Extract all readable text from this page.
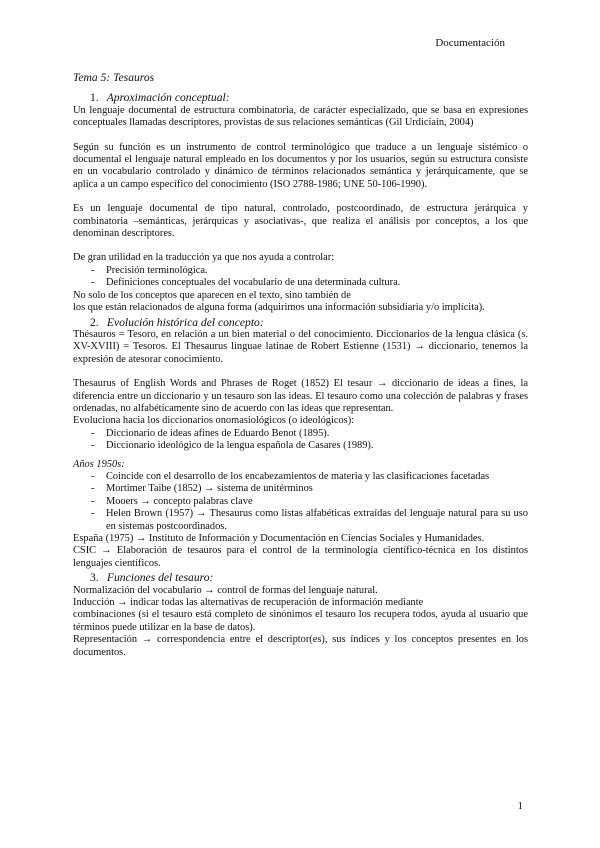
Documentación
Tema 5: Tesauros
1. Aproximación conceptual:

Un lenguaje documental de estructura combinatoria, de carácter especializado, que se basa en expresiones conceptuales llamadas descriptores, provistas de sus relaciones semánticas (Gil Urdiciain, 2004)

Según su función es un instrumento de control terminológico que traduce a un lenguaje sistémico o documental el lenguaje natural empleado en los documentos y por los usuarios, según su estructura consiste en un vocabulario controlado y dinámico de términos relacionados semántica y jerárquicamente, que se aplica a un campo específico del conocimiento (ISO 2788-1986; UNE 50-106-1990).

Es un lenguaje documental de tipo natural, controlado, postcoordinado, de estructura jerárquica y combinatoria –semánticas, jerárquicas y asociativas-, que realiza el análisis por conceptos, a los que denominan descriptores.

De gran utilidad en la traducción ya que nos ayuda a controlar:

- Precisión terminológica.
- Definiciones conceptuales del vocabulario de una determinada cultura.

No solo de los conceptos que aparecen en el texto, sino también de

los que están relacionados de alguna forma (adquirimos una información subsidiaria y/o implícita).

2. Evolución histórica del concepto:

Thésauros = Tesoro, en relación a un bien material o del conocimiento. Diccionarios de la lengua clásica (s. XV-XVIII) = Tesoros. El Thesaurus linguae latinae de Robert Estienne (1531) → diccionario, tenemos la expresión de atesorar conocimiento.

Thesaurus of English Words and Phrases de Roget (1852) El tesaur → diccionario de ideas a fines, la diferencia entre un diccionario y un tesauro son las ideas. El tesauro como una colección de palabras y frases ordenadas, no alfabéticamente sino de acuerdo con las ideas que representan.

Evoluciona hacia los diccionarios onomasiológicos (o ideológicos):

- Diccionario de ideas afines de Eduardo Benot (1895).
- Diccionario ideológico de la lengua española de Casares (1989).

Años 1950s:

- Coincide con el desarrollo de los encabezamientos de materia y las clasificaciones facetadas
- Mortimer Taibe (1852) → sistema de unitérminos
- Mooers → concepto palabras clave
- Helen Brown (1957) → Thesaurus como listas alfabéticas extraídas del lenguaje natural para su uso en sistemas postcoordinados.

España (1975) → Instituto de Información y Documentación en Ciencias Sociales y Humanidades.

CSIC → Elaboración de tesauros para el control de la terminología científico-técnica en los distintos lenguajes científicos.

3. Funciones del tesauro:

Normalización del vocabulario → control de formas del lenguaje natural.

Inducción → indicar todas las alternativas de recuperación de información mediante

combinaciones (si el tesauro está completo de sinónimos el tesauro los recupera todos, ayuda al usuario que términos puede utilizar en la base de datos).

Representación → correspondencia entre el descriptor(es), sus índices y los conceptos presentes en los documentos.

1
